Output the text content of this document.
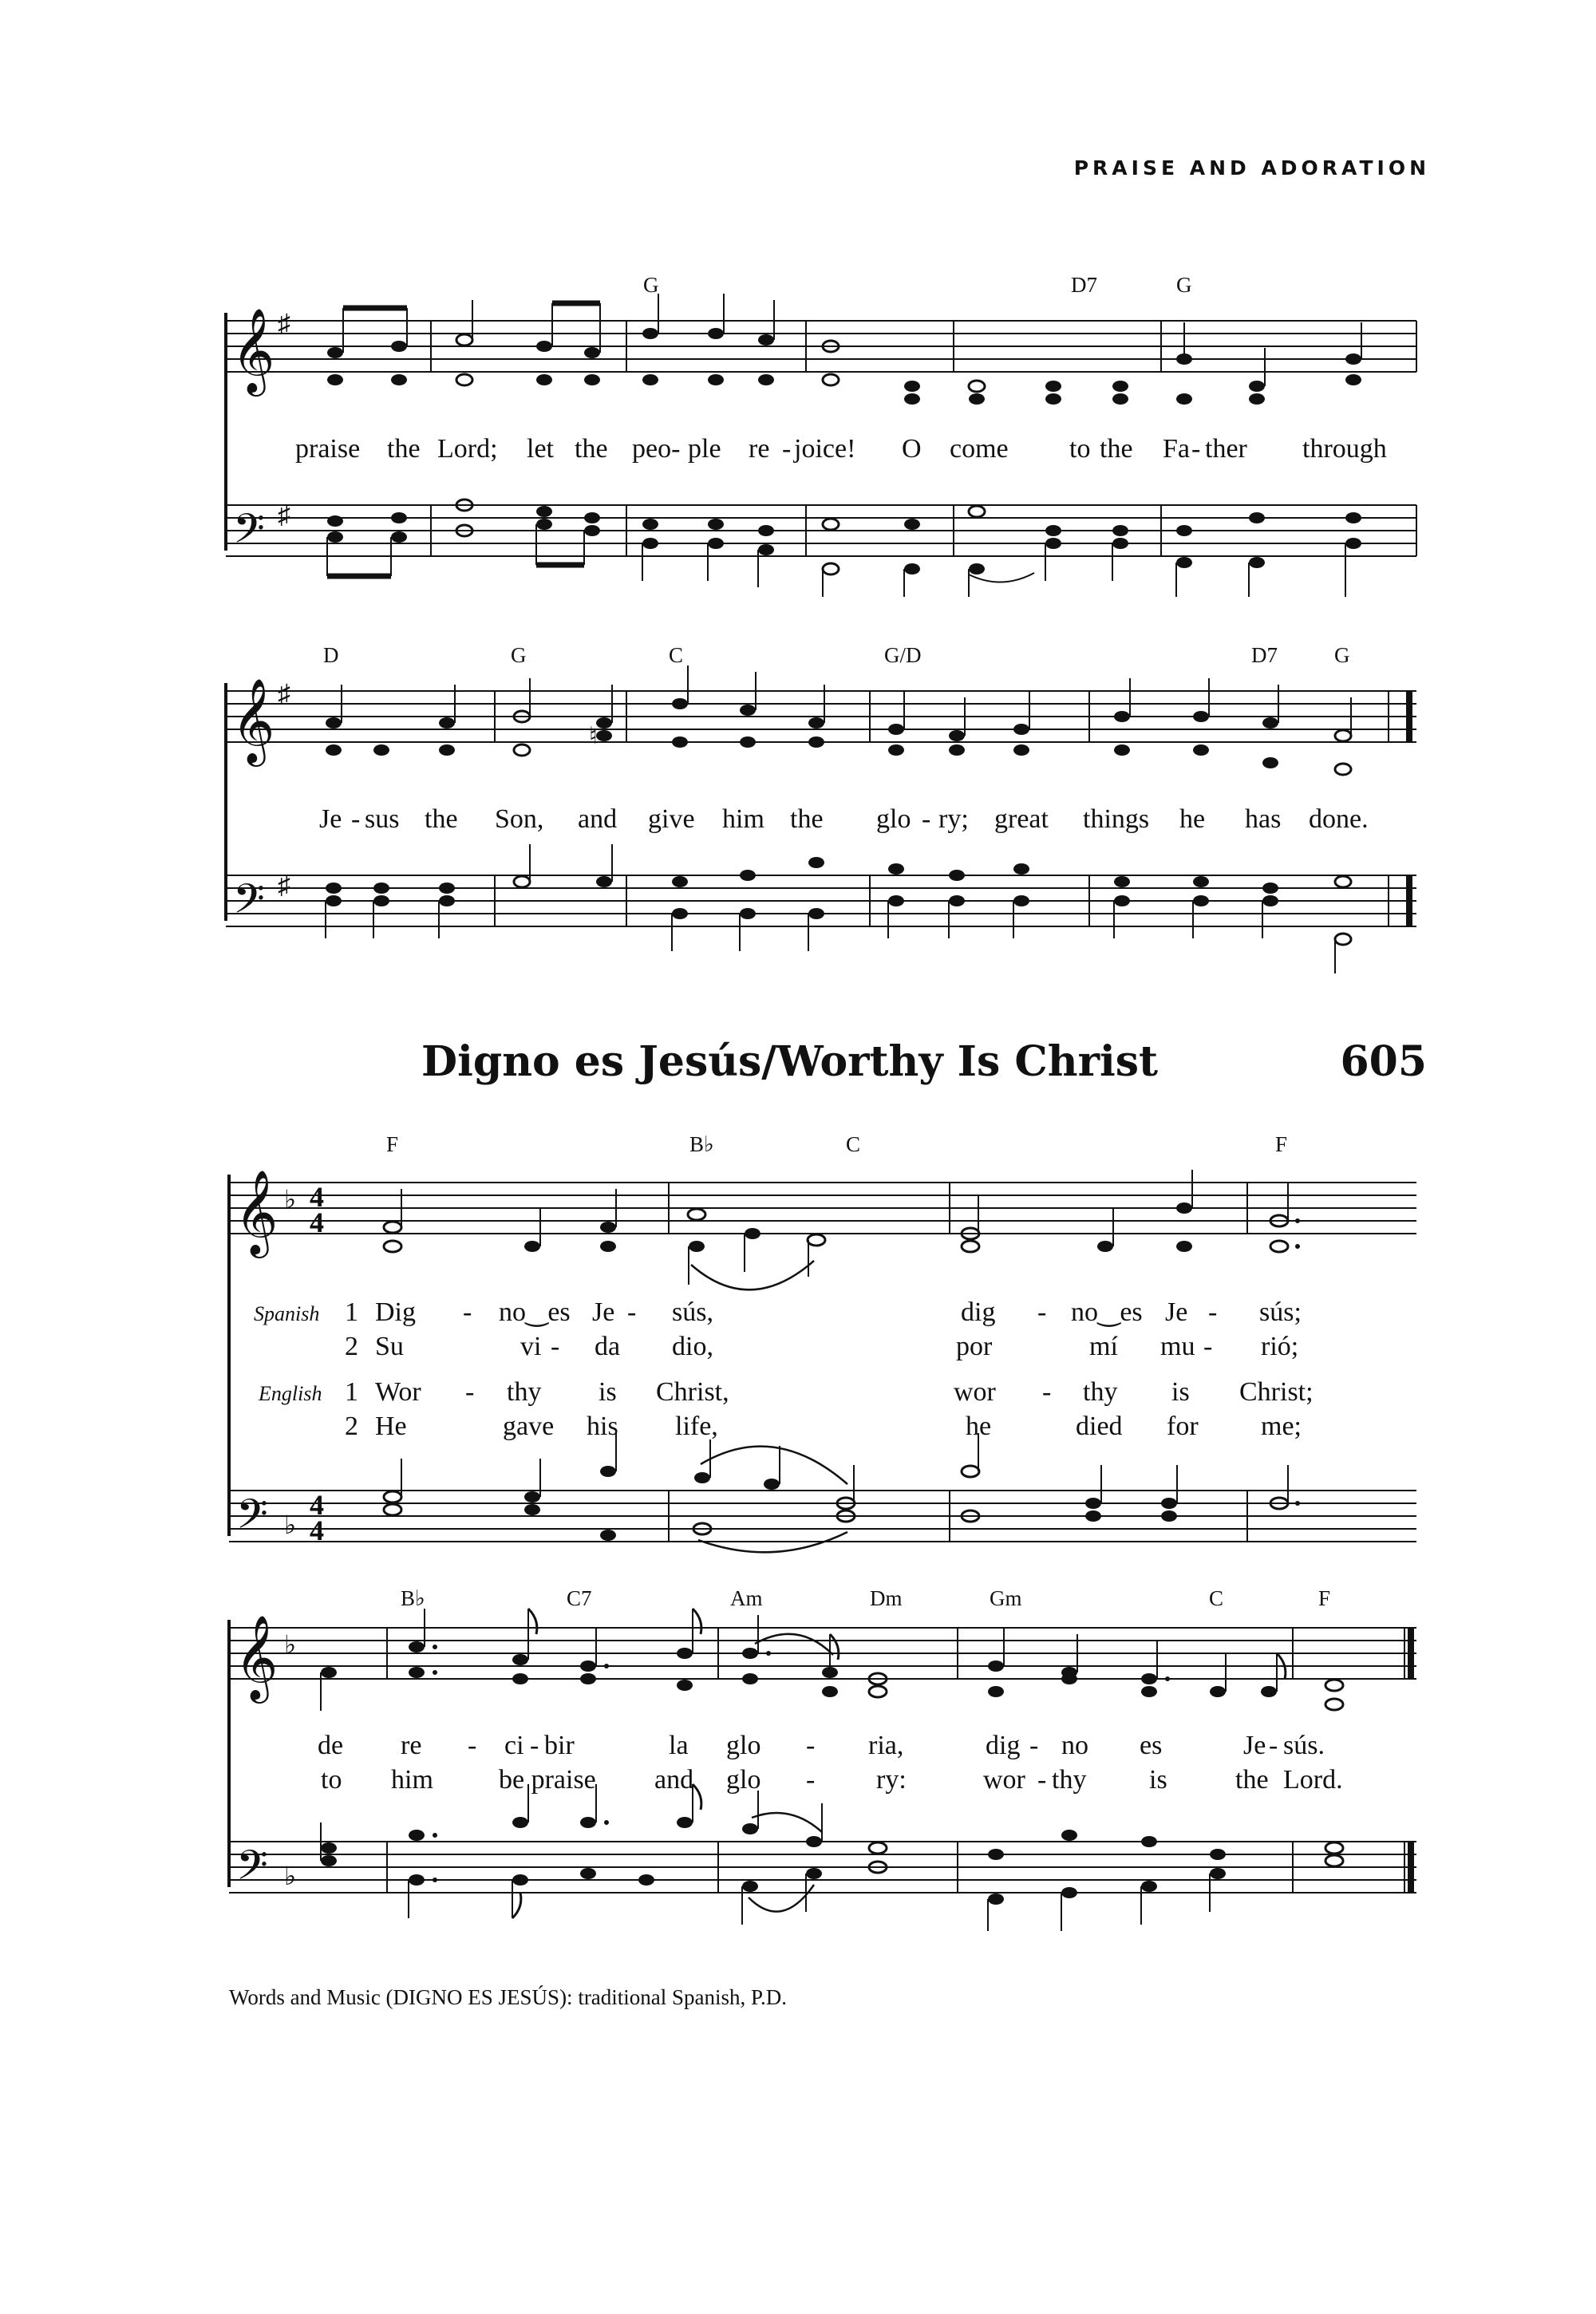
PRAISE AND ADORATION
𝄞
𝄢
♯
♯
G	D7	G
praise the Lord; let the peo- ple re - joice! O come to the Fa - ther through
𝄞
𝄢
♯
♯
♮
D	G	C	G/D	D7	G
Je - sus the Son, and give him the glo - ry; great things he has done.
𝄞
𝄢
♭
♭
4
4
4
4
F	B♭	C	F
Spanish
English
1
2
1
2
Dig - no‿es Je - sús,	dig - no‿es Je - sús;
Su	vi - da dio,	por	mí mu - rió;
Wor - thy is Christ,	wor - thy is Christ;
He	gave his life,	he	died for me;
𝄞
𝄢
♭
♭
B♭	C7	Am	Dm	Gm	C	F
de re - ci - bir	la glo - ria,	dig - no es	Je - sús.
to him be praise and glo - ry:	wor - thy is	the Lord.
Digno es Jesús/Worthy Is Christ	605
Words and Music (DIGNO ES JESÚS): traditional Spanish, P.D.
